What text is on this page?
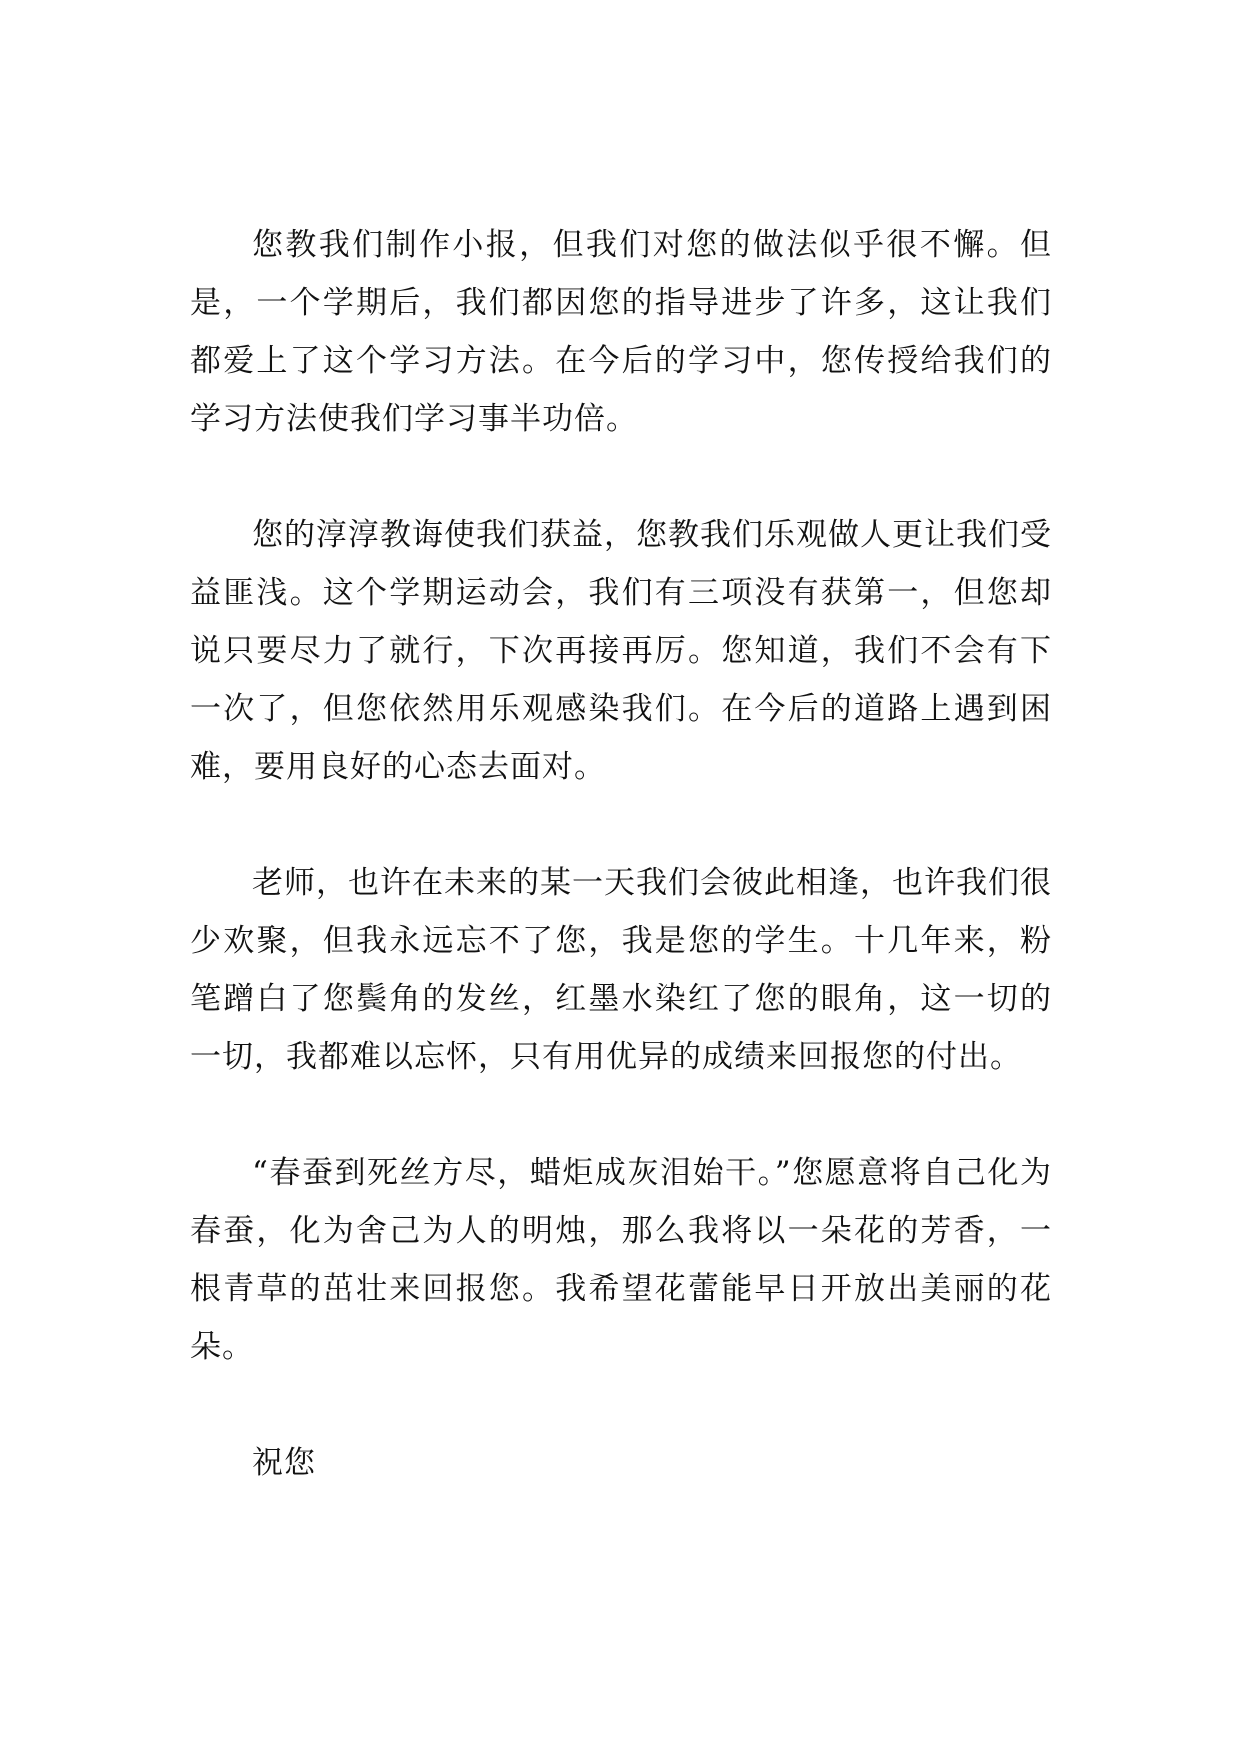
您教我们制作小报，但我们对您的做法似乎很不懈。但是，一个学期后，我们都因您的指导进步了许多，这让我们都爱上了这个学习方法。在今后的学习中，您传授给我们的学习方法使我们学习事半功倍。

您的淳淳教诲使我们获益，您教我们乐观做人更让我们受益匪浅。这个学期运动会，我们有三项没有获第一，但您却说只要尽力了就行，下次再接再厉。您知道，我们不会有下一次了，但您依然用乐观感染我们。在今后的道路上遇到困难，要用良好的心态去面对。

老师，也许在未来的某一天我们会彼此相逢，也许我们很少欢聚，但我永远忘不了您，我是您的学生。十几年来，粉笔蹭白了您鬓角的发丝，红墨水染红了您的眼角，这一切的一切，我都难以忘怀，只有用优异的成绩来回报您的付出。

“春蚕到死丝方尽，蜡炬成灰泪始干。”您愿意将自己化为春蚕，化为舍己为人的明烛，那么我将以一朵花的芳香，一根青草的茁壮来回报您。我希望花蕾能早日开放出美丽的花朵。

祝您
